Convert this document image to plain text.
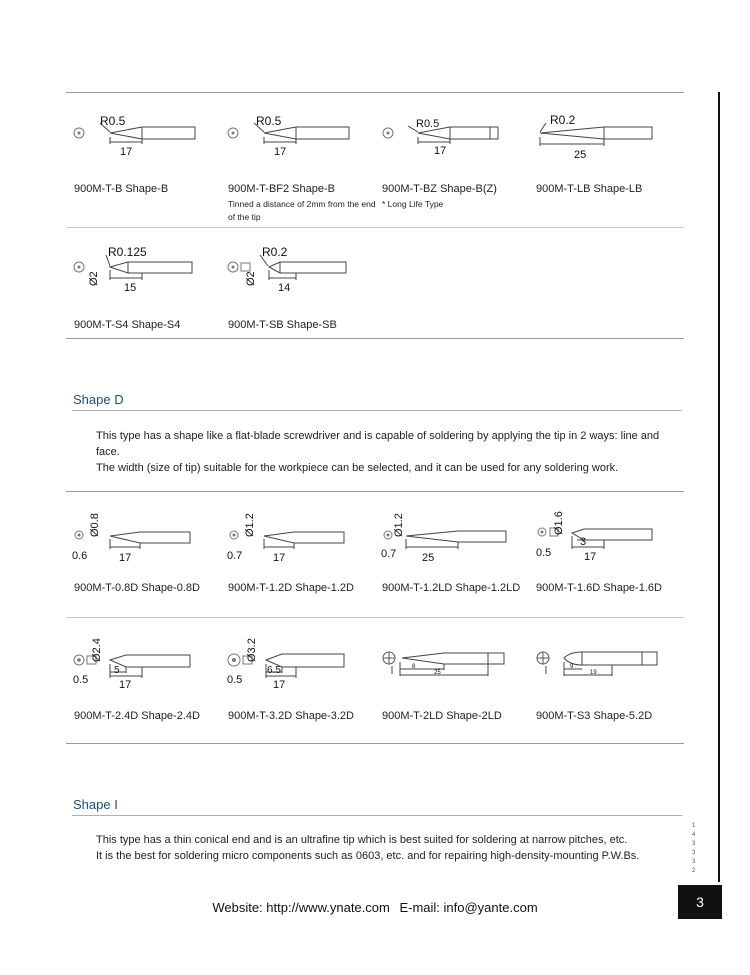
R0.5
17
900M-T-B Shape-B
R0.5
17
900M-T-BF2 Shape-B
Tinned a distance of 2mm from the end of the tip
R0.5
17
900M-T-BZ Shape-B(Z)
* Long Life Type
R0.2
25
900M-T-LB Shape-LB
R0.125
Ø2
15
900M-T-S4 Shape-S4
R0.2
Ø2
14
900M-T-SB Shape-SB
Shape D
This type has a shape like a flat-blade screwdriver and is capable of soldering by applying the tip in 2 ways: line and face.
The width (size of tip) suitable for the workpiece can be selected, and it can be used for any soldering work.
Ø0.8
0.6	17
900M-T-0.8D Shape-0.8D
Ø1.2
0.7	17
900M-T-1.2D Shape-1.2D
Ø1.2
0.7 25
900M-T-1.2LD Shape-1.2LD
Ø1.6
3
0.5	17
900M-T-1.6D Shape-1.6D
Ø2.4
5
0.5	17
900M-T-2.4D Shape-2.4D
Ø3.2
6.5
0.5	17
900M-T-3.2D Shape-3.2D
8
25
900M-T-2LD Shape-2LD
9
19
900M-T-S3 Shape-5.2D
Shape I
This type has a thin conical end and is an ultrafine tip which is best suited for soldering at narrow pitches, etc.
It is the best for soldering micro components such as 0603, etc. and for repairing high-density-mounting P.W.Bs.
1 4 3 3 3 2
Website: http://www.ynate.com E-mail: info@yante.com	3
